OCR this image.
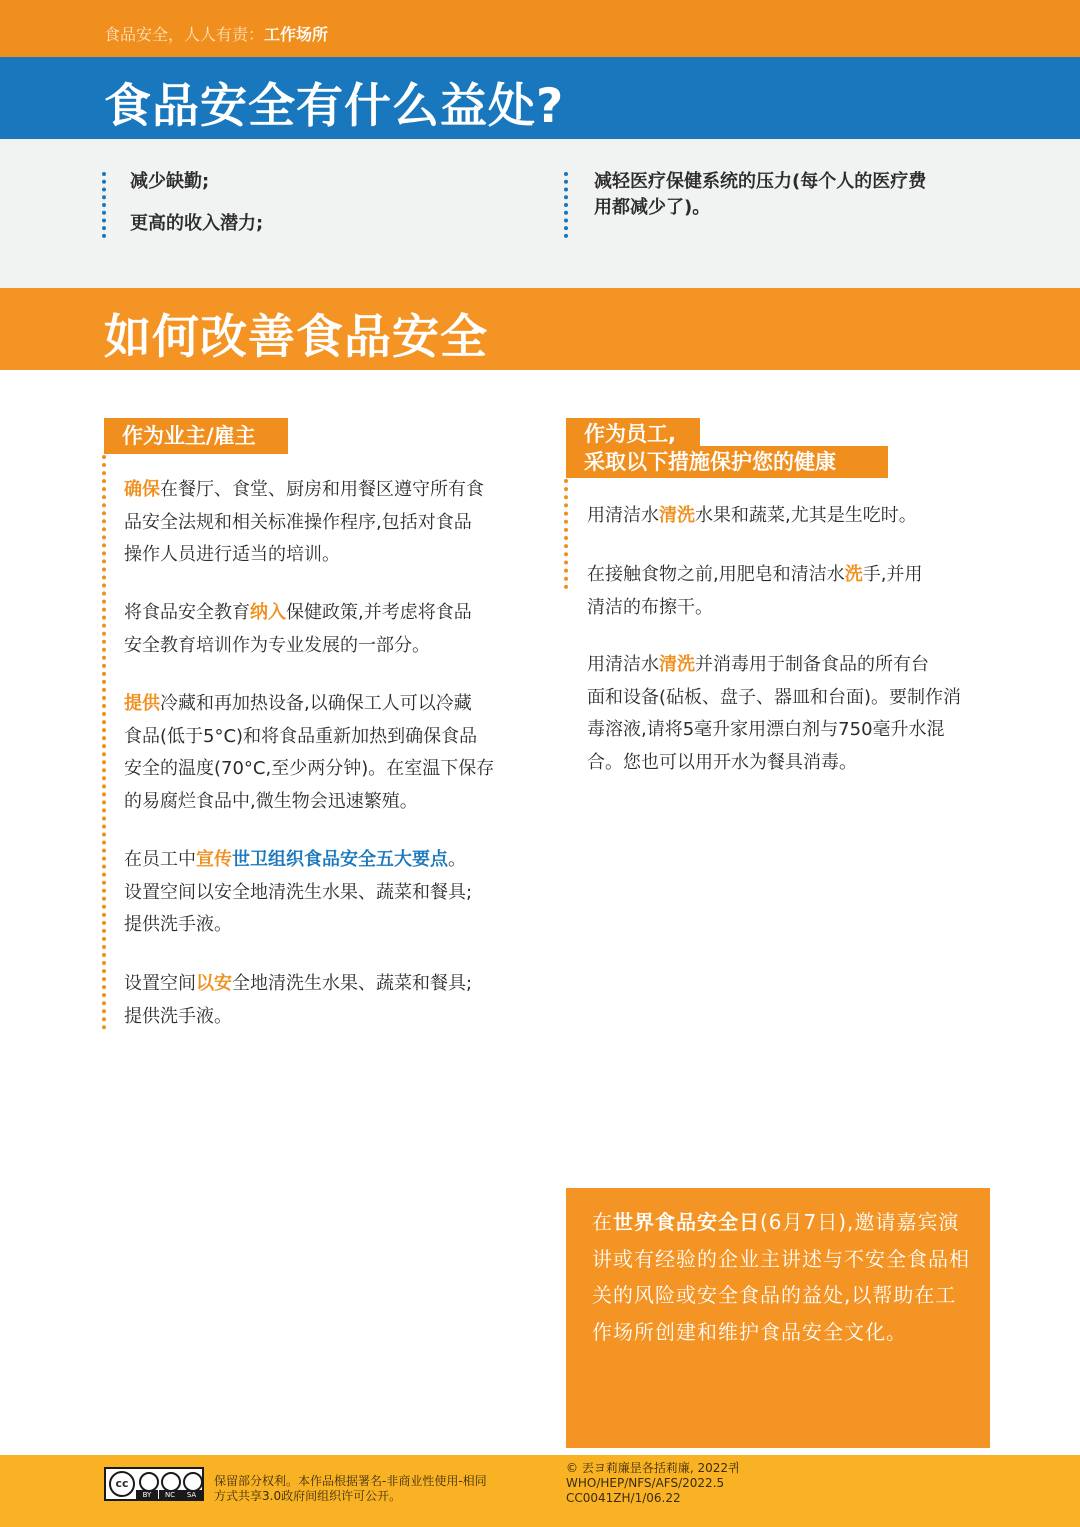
食品安全，人人有责：工作场所
食品安全有什么益处?
减少缺勤;
更高的收入潜力;
减轻医疗保健系统的压力(每个人的医疗费
用都减少了)。
如何改善食品安全
作为业主/雇主
确保在餐厅、食堂、厨房和用餐区遵守所有食
品安全法规和相关标准操作程序,包括对食品
操作人员进行适当的培训。
将食品安全教育纳入保健政策,并考虑将食品
安全教育培训作为专业发展的一部分。
提供冷藏和再加热设备,以确保工人可以冷藏
食品(低于5°C)和将食品重新加热到确保食品
安全的温度(70°C,至少两分钟)。在室温下保存
的易腐烂食品中,微生物会迅速繁殖。
在员工中宣传世卫组织食品安全五大要点。
设置空间以安全地清洗生水果、蔬菜和餐具;
提供洗手液。
设置空间以安全地清洗生水果、蔬菜和餐具;
提供洗手液。
作为员工,
采取以下措施保护您的健康
用清洁水清洗水果和蔬菜,尤其是生吃时。
在接触食物之前,用肥皂和清洁水洗手,并用
清洁的布擦干。
用清洁水清洗并消毒用于制备食品的所有台
面和设备(砧板、盘子、器皿和台面)。要制作消
毒溶液,请将5毫升家用漂白剂与750毫升水混
合。您也可以用开水为餐具消毒。

在世界食品安全日(6月7日),邀请嘉宾演讲或有经验的企业主讲述与不安全食品相关的风险或安全食品的益处,以帮助在工作场所创建和维护食品安全文化。

cc
BY	NC	SA
保留部分权利。本作品根据署名-非商业性使用-相同
方式共享3.0政府间组织许可公开。
© 丟ヨ莉廉昰各括莉廉, 2022퀴
WHO/HEP/NFS/AFS/2022.5
CC0041ZH/1/06.22
